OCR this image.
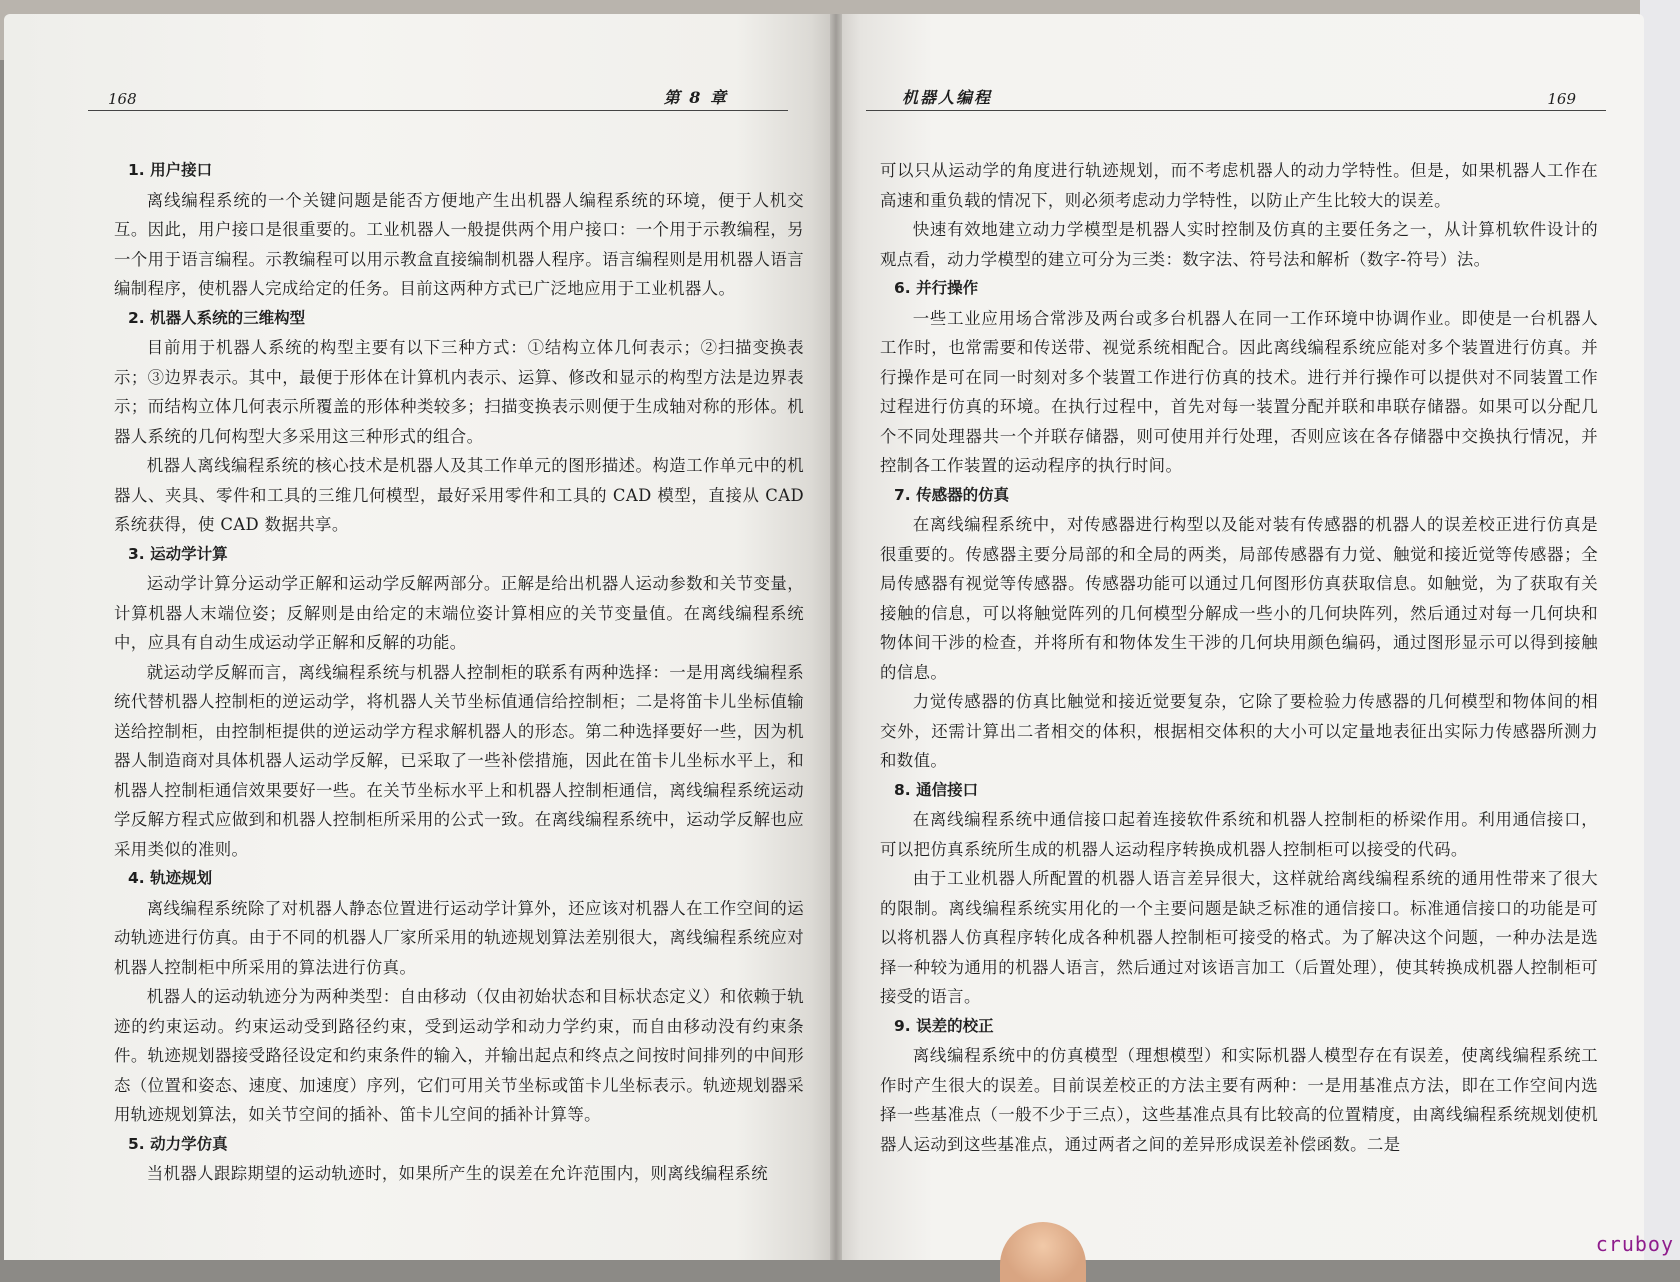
168	第 8 章

1. 用户接口

离线编程系统的一个关键问题是能否方便地产生出机器人编程系统的环境，便于人机交互。因此，用户接口是很重要的。工业机器人一般提供两个用户接口：一个用于示教编程，另一个用于语言编程。示教编程可以用示教盒直接编制机器人程序。语言编程则是用机器人语言编制程序，使机器人完成给定的任务。目前这两种方式已广泛地应用于工业机器人。

2. 机器人系统的三维构型

目前用于机器人系统的构型主要有以下三种方式：①结构立体几何表示；②扫描变换表示；③边界表示。其中，最便于形体在计算机内表示、运算、修改和显示的构型方法是边界表示；而结构立体几何表示所覆盖的形体种类较多；扫描变换表示则便于生成轴对称的形体。机器人系统的几何构型大多采用这三种形式的组合。

机器人离线编程系统的核心技术是机器人及其工作单元的图形描述。构造工作单元中的机器人、夹具、零件和工具的三维几何模型，最好采用零件和工具的 CAD 模型，直接从 CAD 系统获得，使 CAD 数据共享。

3. 运动学计算

运动学计算分运动学正解和运动学反解两部分。正解是给出机器人运动参数和关节变量，计算机器人末端位姿；反解则是由给定的末端位姿计算相应的关节变量值。在离线编程系统中，应具有自动生成运动学正解和反解的功能。

就运动学反解而言，离线编程系统与机器人控制柜的联系有两种选择：一是用离线编程系统代替机器人控制柜的逆运动学，将机器人关节坐标值通信给控制柜；二是将笛卡儿坐标值输送给控制柜，由控制柜提供的逆运动学方程求解机器人的形态。第二种选择要好一些，因为机器人制造商对具体机器人运动学反解，已采取了一些补偿措施，因此在笛卡儿坐标水平上，和机器人控制柜通信效果要好一些。在关节坐标水平上和机器人控制柜通信，离线编程系统运动学反解方程式应做到和机器人控制柜所采用的公式一致。在离线编程系统中，运动学反解也应采用类似的准则。

4. 轨迹规划

离线编程系统除了对机器人静态位置进行运动学计算外，还应该对机器人在工作空间的运动轨迹进行仿真。由于不同的机器人厂家所采用的轨迹规划算法差别很大，离线编程系统应对机器人控制柜中所采用的算法进行仿真。

机器人的运动轨迹分为两种类型：自由移动（仅由初始状态和目标状态定义）和依赖于轨迹的约束运动。约束运动受到路径约束，受到运动学和动力学约束，而自由移动没有约束条件。轨迹规划器接受路径设定和约束条件的输入，并输出起点和终点之间按时间排列的中间形态（位置和姿态、速度、加速度）序列，它们可用关节坐标或笛卡儿坐标表示。轨迹规划器采用轨迹规划算法，如关节空间的插补、笛卡儿空间的插补计算等。

5. 动力学仿真

当机器人跟踪期望的运动轨迹时，如果所产生的误差在允许范围内，则离线编程系统

机器人编程	169

可以只从运动学的角度进行轨迹规划，而不考虑机器人的动力学特性。但是，如果机器人工作在高速和重负载的情况下，则必须考虑动力学特性，以防止产生比较大的误差。

快速有效地建立动力学模型是机器人实时控制及仿真的主要任务之一，从计算机软件设计的观点看，动力学模型的建立可分为三类：数字法、符号法和解析（数字-符号）法。

6. 并行操作

一些工业应用场合常涉及两台或多台机器人在同一工作环境中协调作业。即使是一台机器人工作时，也常需要和传送带、视觉系统相配合。因此离线编程系统应能对多个装置进行仿真。并行操作是可在同一时刻对多个装置工作进行仿真的技术。进行并行操作可以提供对不同装置工作过程进行仿真的环境。在执行过程中，首先对每一装置分配并联和串联存储器。如果可以分配几个不同处理器共一个并联存储器，则可使用并行处理，否则应该在各存储器中交换执行情况，并控制各工作装置的运动程序的执行时间。

7. 传感器的仿真

在离线编程系统中，对传感器进行构型以及能对装有传感器的机器人的误差校正进行仿真是很重要的。传感器主要分局部的和全局的两类，局部传感器有力觉、触觉和接近觉等传感器；全局传感器有视觉等传感器。传感器功能可以通过几何图形仿真获取信息。如触觉，为了获取有关接触的信息，可以将触觉阵列的几何模型分解成一些小的几何块阵列，然后通过对每一几何块和物体间干涉的检查，并将所有和物体发生干涉的几何块用颜色编码，通过图形显示可以得到接触的信息。

力觉传感器的仿真比触觉和接近觉要复杂，它除了要检验力传感器的几何模型和物体间的相交外，还需计算出二者相交的体积，根据相交体积的大小可以定量地表征出实际力传感器所测力和数值。

8. 通信接口

在离线编程系统中通信接口起着连接软件系统和机器人控制柜的桥梁作用。利用通信接口，可以把仿真系统所生成的机器人运动程序转换成机器人控制柜可以接受的代码。

由于工业机器人所配置的机器人语言差异很大，这样就给离线编程系统的通用性带来了很大的限制。离线编程系统实用化的一个主要问题是缺乏标准的通信接口。标准通信接口的功能是可以将机器人仿真程序转化成各种机器人控制柜可接受的格式。为了解决这个问题，一种办法是选择一种较为通用的机器人语言，然后通过对该语言加工（后置处理），使其转换成机器人控制柜可接受的语言。

9. 误差的校正

离线编程系统中的仿真模型（理想模型）和实际机器人模型存在有误差，使离线编程系统工作时产生很大的误差。目前误差校正的方法主要有两种：一是用基准点方法，即在工作空间内选择一些基准点（一般不少于三点），这些基准点具有比较高的位置精度，由离线编程系统规划使机器人运动到这些基准点，通过两者之间的差异形成误差补偿函数。二是

cruboy
